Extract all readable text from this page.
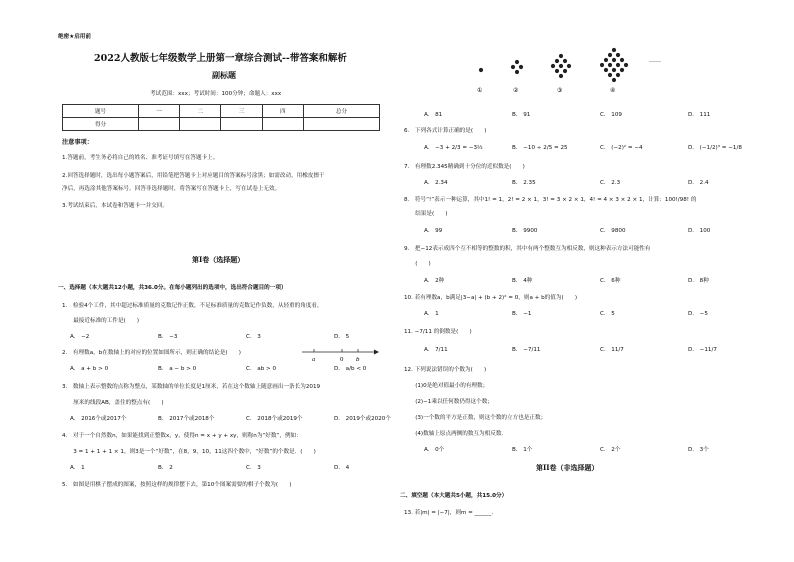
绝密★启用前
2022人教版七年级数学上册第一章综合测试--带答案和解析
副标题
考试范围：xxx；考试时间：100分钟；命题人：xxx
题号	一	二	三	四	总分
得分					
注意事项：
1.答题前，考生务必将自己的姓名、准考证号填写在答题卡上。
2.回答选择题时，选出每小题答案后，用铅笔把答题卡上对应题目的答案标号涂黑；如需改动，用橡皮擦干
净后，再选涂其他答案标号。回答非选择题时，将答案写在答题卡上，写在试卷上无效。
3.考试结束后，本试卷和答题卡一并交回。
第I卷（选择题）
一、选择题（本大题共12小题，共36.0分。在每小题列出的选项中，选出符合题目的一项）
1.　检验4个工件，其中超过标准质量的克数记作正数，不足标准质量的克数记作负数，从轻重的角度看，
　　最接近标准的工件是(　　)
A.　−2	B.　−3	C.　3	D.　5
2.　有理数a，b在数轴上的对应的位置如图所示，则正确的结论是(　　)
a	0 b
A.　a + b > 0	B.　a − b > 0	C.　ab > 0	D.　a/b < 0
3.　数轴上表示整数的点称为整点，某数轴的单位长度是1厘米，若在这个数轴上随意画出一条长为2019
　　厘米的线段AB，盖住的整点有(　　)
A.　2016个或2017个	B.　2017个或2018个	C.　2018个或2019个	D.　2019个或2020个
4.　对于一个自然数n，如果能找到正整数x，y，使得n = x + y + xy，则称n为“好数”，例如：
　　3 = 1 + 1 + 1 × 1，则3是一个“好数”，在8，9，10，11这四个数中，“好数”的个数是．(　　)
A.　1	B.　2	C.　3	D.　4
5.　如图是用棋子摆成的图案，按照这样的规律摆下去，第10个图案需要的棋子个数为(　　)
①	②	③	④
……
A.　81	B.　91	C.　109	D.　111
6.　下列各式计算正确的是(　　)
A.　−3 + 2/3 = −3⅔	B.　−10 ÷ 2/5 = 25	C.　(−2)² = −4	D.　(−1/2)³ = −1/8
7.　有理数2.345精确到十分位的近似数是(　　)
A.　2.34	B.　2.35	C.　2.3	D.　2.4
8.　符号“!”表示一种运算，其中1! = 1，2! = 2 × 1，3! = 3 × 2 × 1，4! = 4 × 3 × 2 × 1，计算：100!/98! 的
　　结果是(　　)
A.　99	B.　9900	C.　9800	D.　100
9.　把−12表示成四个互不相等的整数的积，其中有两个整数互为相反数，则这种表示方法可能性有
　　(　　)
A.　2种	B.　4种	C.　6种	D.　8种
10. 若有理数a，b满足|3−a| + (b + 2)² = 0，则a + b的值为(　　)
A.　1	B.　−1	C.　5	D.　−5
11. −7/11 的倒数是(　　)
A.　7/11	B.　−7/11	C.　11/7	D.　−11/7
12. 下列说法错误的个数为(　　)
　　(1)0是绝对值最小的有理数；
　　(2)−1乘以任何数仍得这个数；
　　(3)一个数的平方是正数，则这个数的立方也是正数；
　　(4)数轴上原点两侧的数互为相反数．
A.　0个	B.　1个	C.　2个	D.　3个
第II卷（非选择题）
二、填空题（本大题共5小题，共15.0分）
13. 若|m| = |−7|，则m = ______.
